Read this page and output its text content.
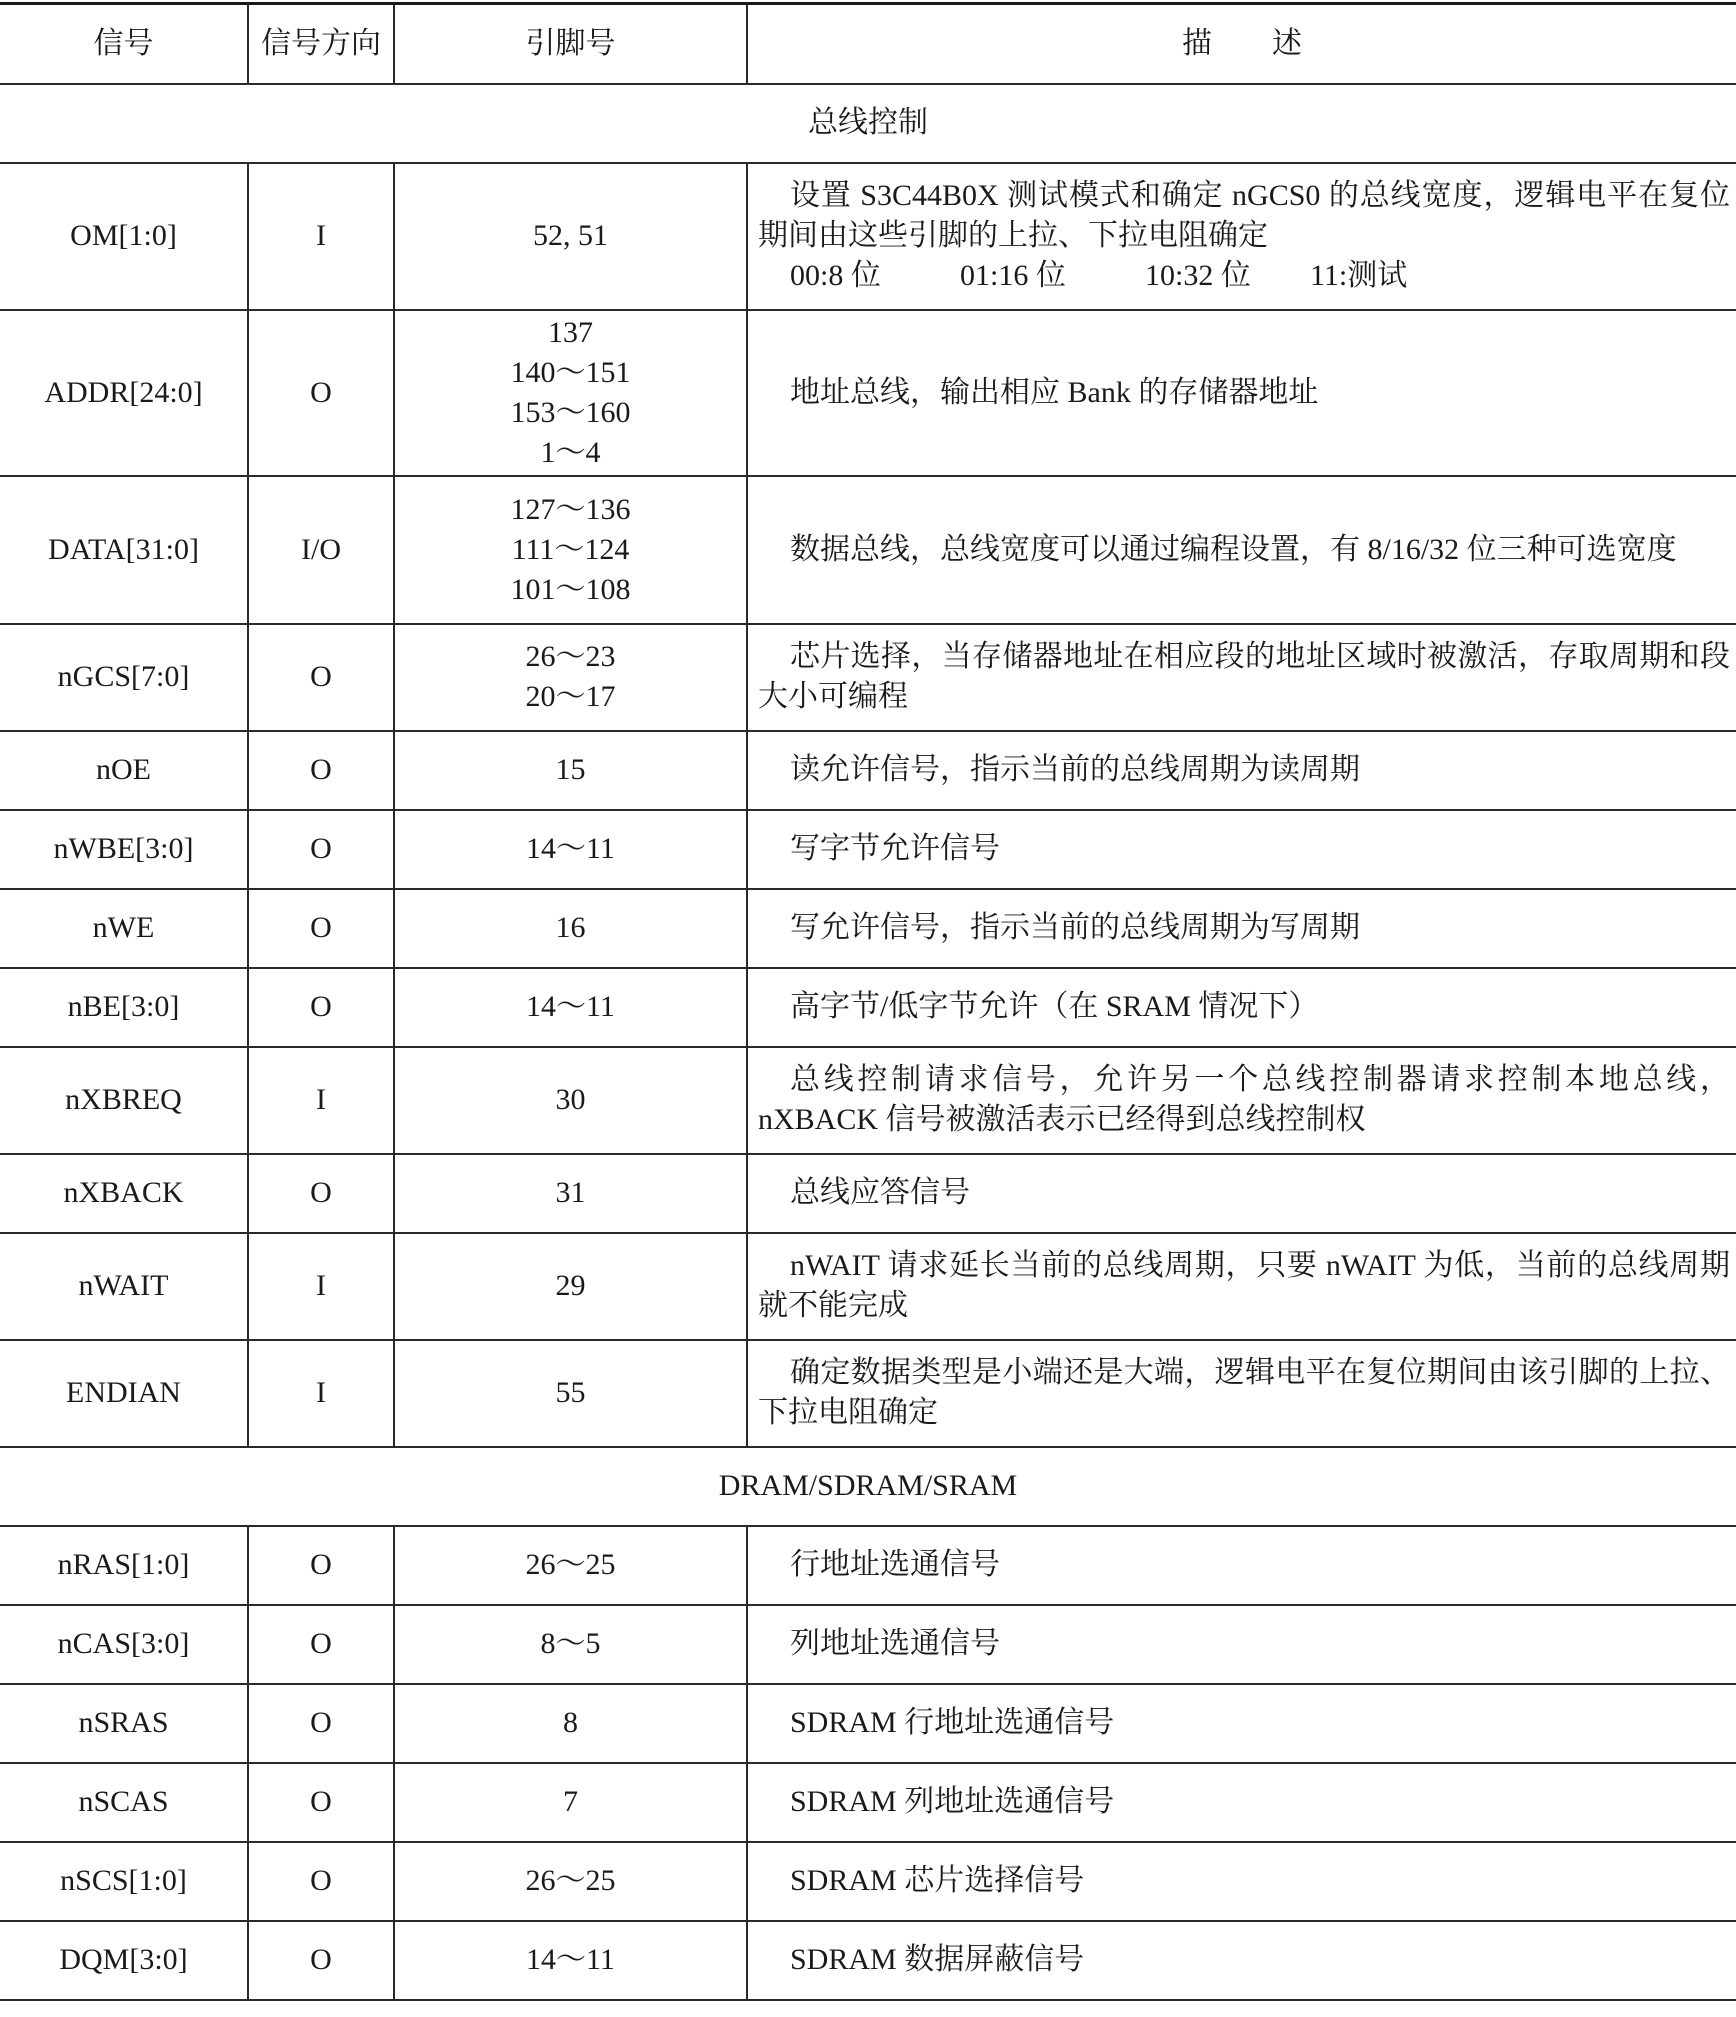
信号	信号方向	引脚号	描　　述
总线控制			
OM[1:0]	I	52, 51	设置 S3C44B0X 测试模式和确定 nGCS0 的总线宽度，逻辑电平在复位期间由这些引脚的上拉、下拉电阻确定
00:8 位 01:16 位 10:32 位 11:测试

ADDR[24:0]	O	137
140～151
153～160
1～4	地址总线，输出相应 Bank 的存储器地址

DATA[31:0]	I/O	127～136
111～124
101～108	数据总线，总线宽度可以通过编程设置，有 8/16/32 位三种可选宽度

nGCS[7:0]	O	26～23
20～17	芯片选择，当存储器地址在相应段的地址区域时被激活，存取周期和段大小可编程

nOE	O	15	读允许信号，指示当前的总线周期为读周期

nWBE[3:0]	O	14～11	写字节允许信号

nWE	O	16	写允许信号，指示当前的总线周期为写周期

nBE[3:0]	O	14～11	高字节/低字节允许（在 SRAM 情况下）

nXBREQ	I	30	总线控制请求信号，允许另一个总线控制器请求控制本地总线，nXBACK 信号被激活表示已经得到总线控制权

nXBACK	O	31	总线应答信号

nWAIT	I	29	nWAIT 请求延长当前的总线周期，只要 nWAIT 为低，当前的总线周期就不能完成

ENDIAN	I	55	确定数据类型是小端还是大端，逻辑电平在复位期间由该引脚的上拉、下拉电阻确定

DRAM/SDRAM/SRAM			
nRAS[1:0]	O	26～25	行地址选通信号

nCAS[3:0]	O	8～5	列地址选通信号

nSRAS	O	8	SDRAM 行地址选通信号

nSCAS	O	7	SDRAM 列地址选通信号

nSCS[1:0]	O	26～25	SDRAM 芯片选择信号

DQM[3:0]	O	14～11	SDRAM 数据屏蔽信号
